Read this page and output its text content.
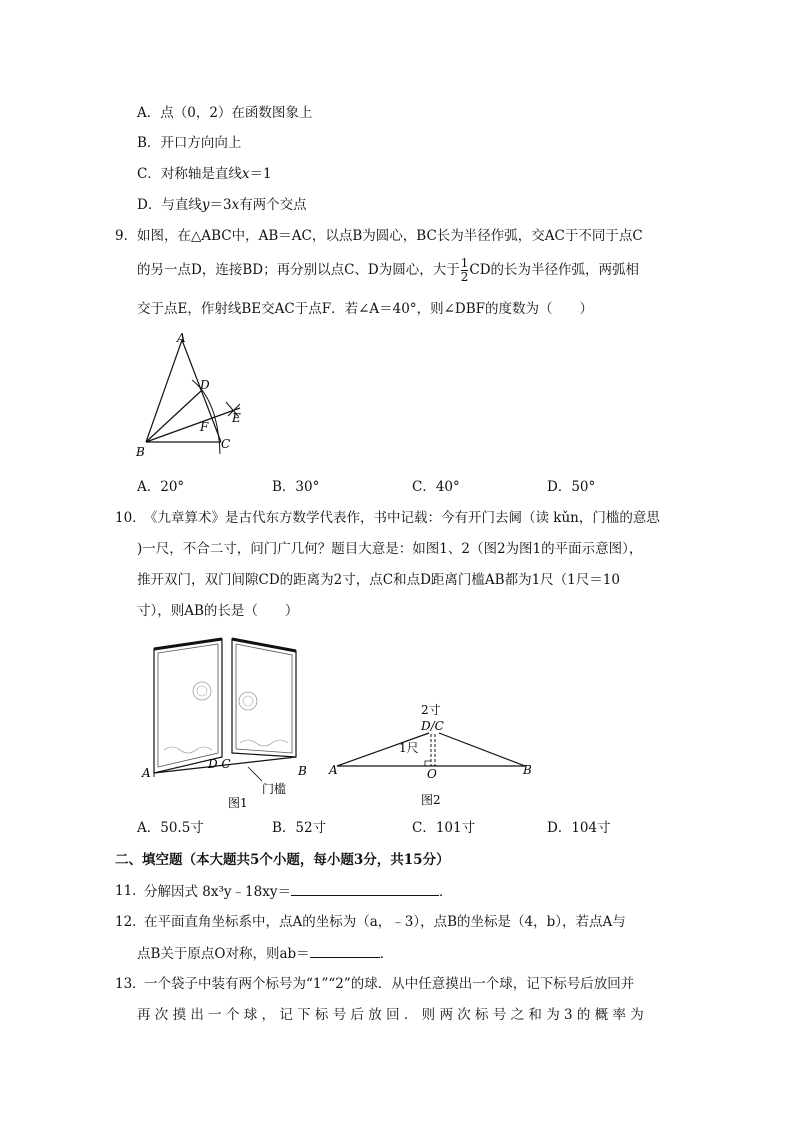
A．点（0，2）在函数图象上
B．开口方向向上
C．对称轴是直线x＝1
D．与直线y＝3x有两个交点
9． 如图，在△ABC中，AB＝AC，以点B为圆心，BC长为半径作弧，交AC于不同于点C
的另一点D，连接BD；再分别以点C、D为圆心，大于 $\frac{1}{2}$ CD的长为半径作弧，两弧相
交于点E，作射线BE交AC于点F．若∠A＝40°，则∠DBF的度数为（　　）
A
B
C
D
E
F
A．20°	B．30°	C．40°	D．50°
10．
《九章算术》是古代东方数学代表作，书中记载：今有开门去阃（读 kǔn，门槛的意思
)一尺，不合二寸，问门广几何？题目大意是：如图1、2（图2为图1的平面示意图），
推开双门，双门间隙CD的距离为2寸，点C和点D距离门槛AB都为1尺（1尺＝10
寸），则AB的长是（　　）
A	B
D C
门槛
图1
2寸
D/C
1尺
A	O	B
图2
A．50.5寸	B．52寸	C．101寸	D．104寸
二、填空题（本大题共5个小题，每小题3分，共15分）
11．
分解因式 8x³y﹣18xy＝	．
12．
在平面直角坐标系中，点A的坐标为（a，﹣3），点B的坐标是（4，b），若点A与
点B关于原点O对称，则ab＝	．
13．
一个袋子中装有两个标号为“1”“2”的球．从中任意摸出一个球，记下标号后放回并
再 次 摸 出 一 个 球 ， 记 下 标 号 后 放 回 ． 则 两 次 标 号 之 和 为 3 的 概 率 为
